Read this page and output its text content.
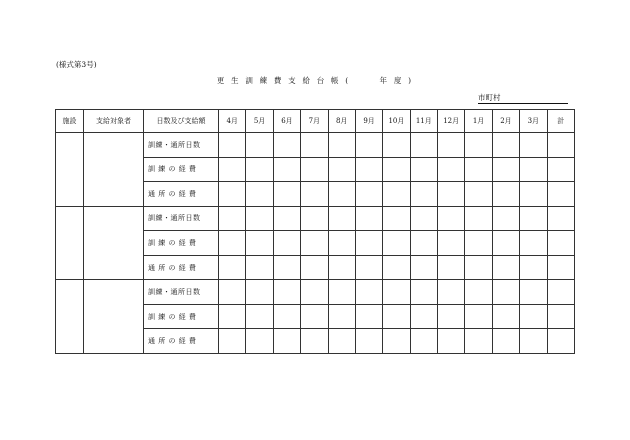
(様式第3号)
更 生 訓 練 費 支 給 台 帳 (　　　年 度 )
市町村
施設	支給対象者	日数及び支給額	4月	5月	6月	7月	8月	9月	10月	11月	12月	1月	2月	3月	計
		訓練・通所日数													
		訓 練 の 経 費													
		通 所 の 経 費													
		訓練・通所日数													
		訓 練 の 経 費													
		通 所 の 経 費													
		訓練・通所日数													
		訓 練 の 経 費													
		通 所 の 経 費													
